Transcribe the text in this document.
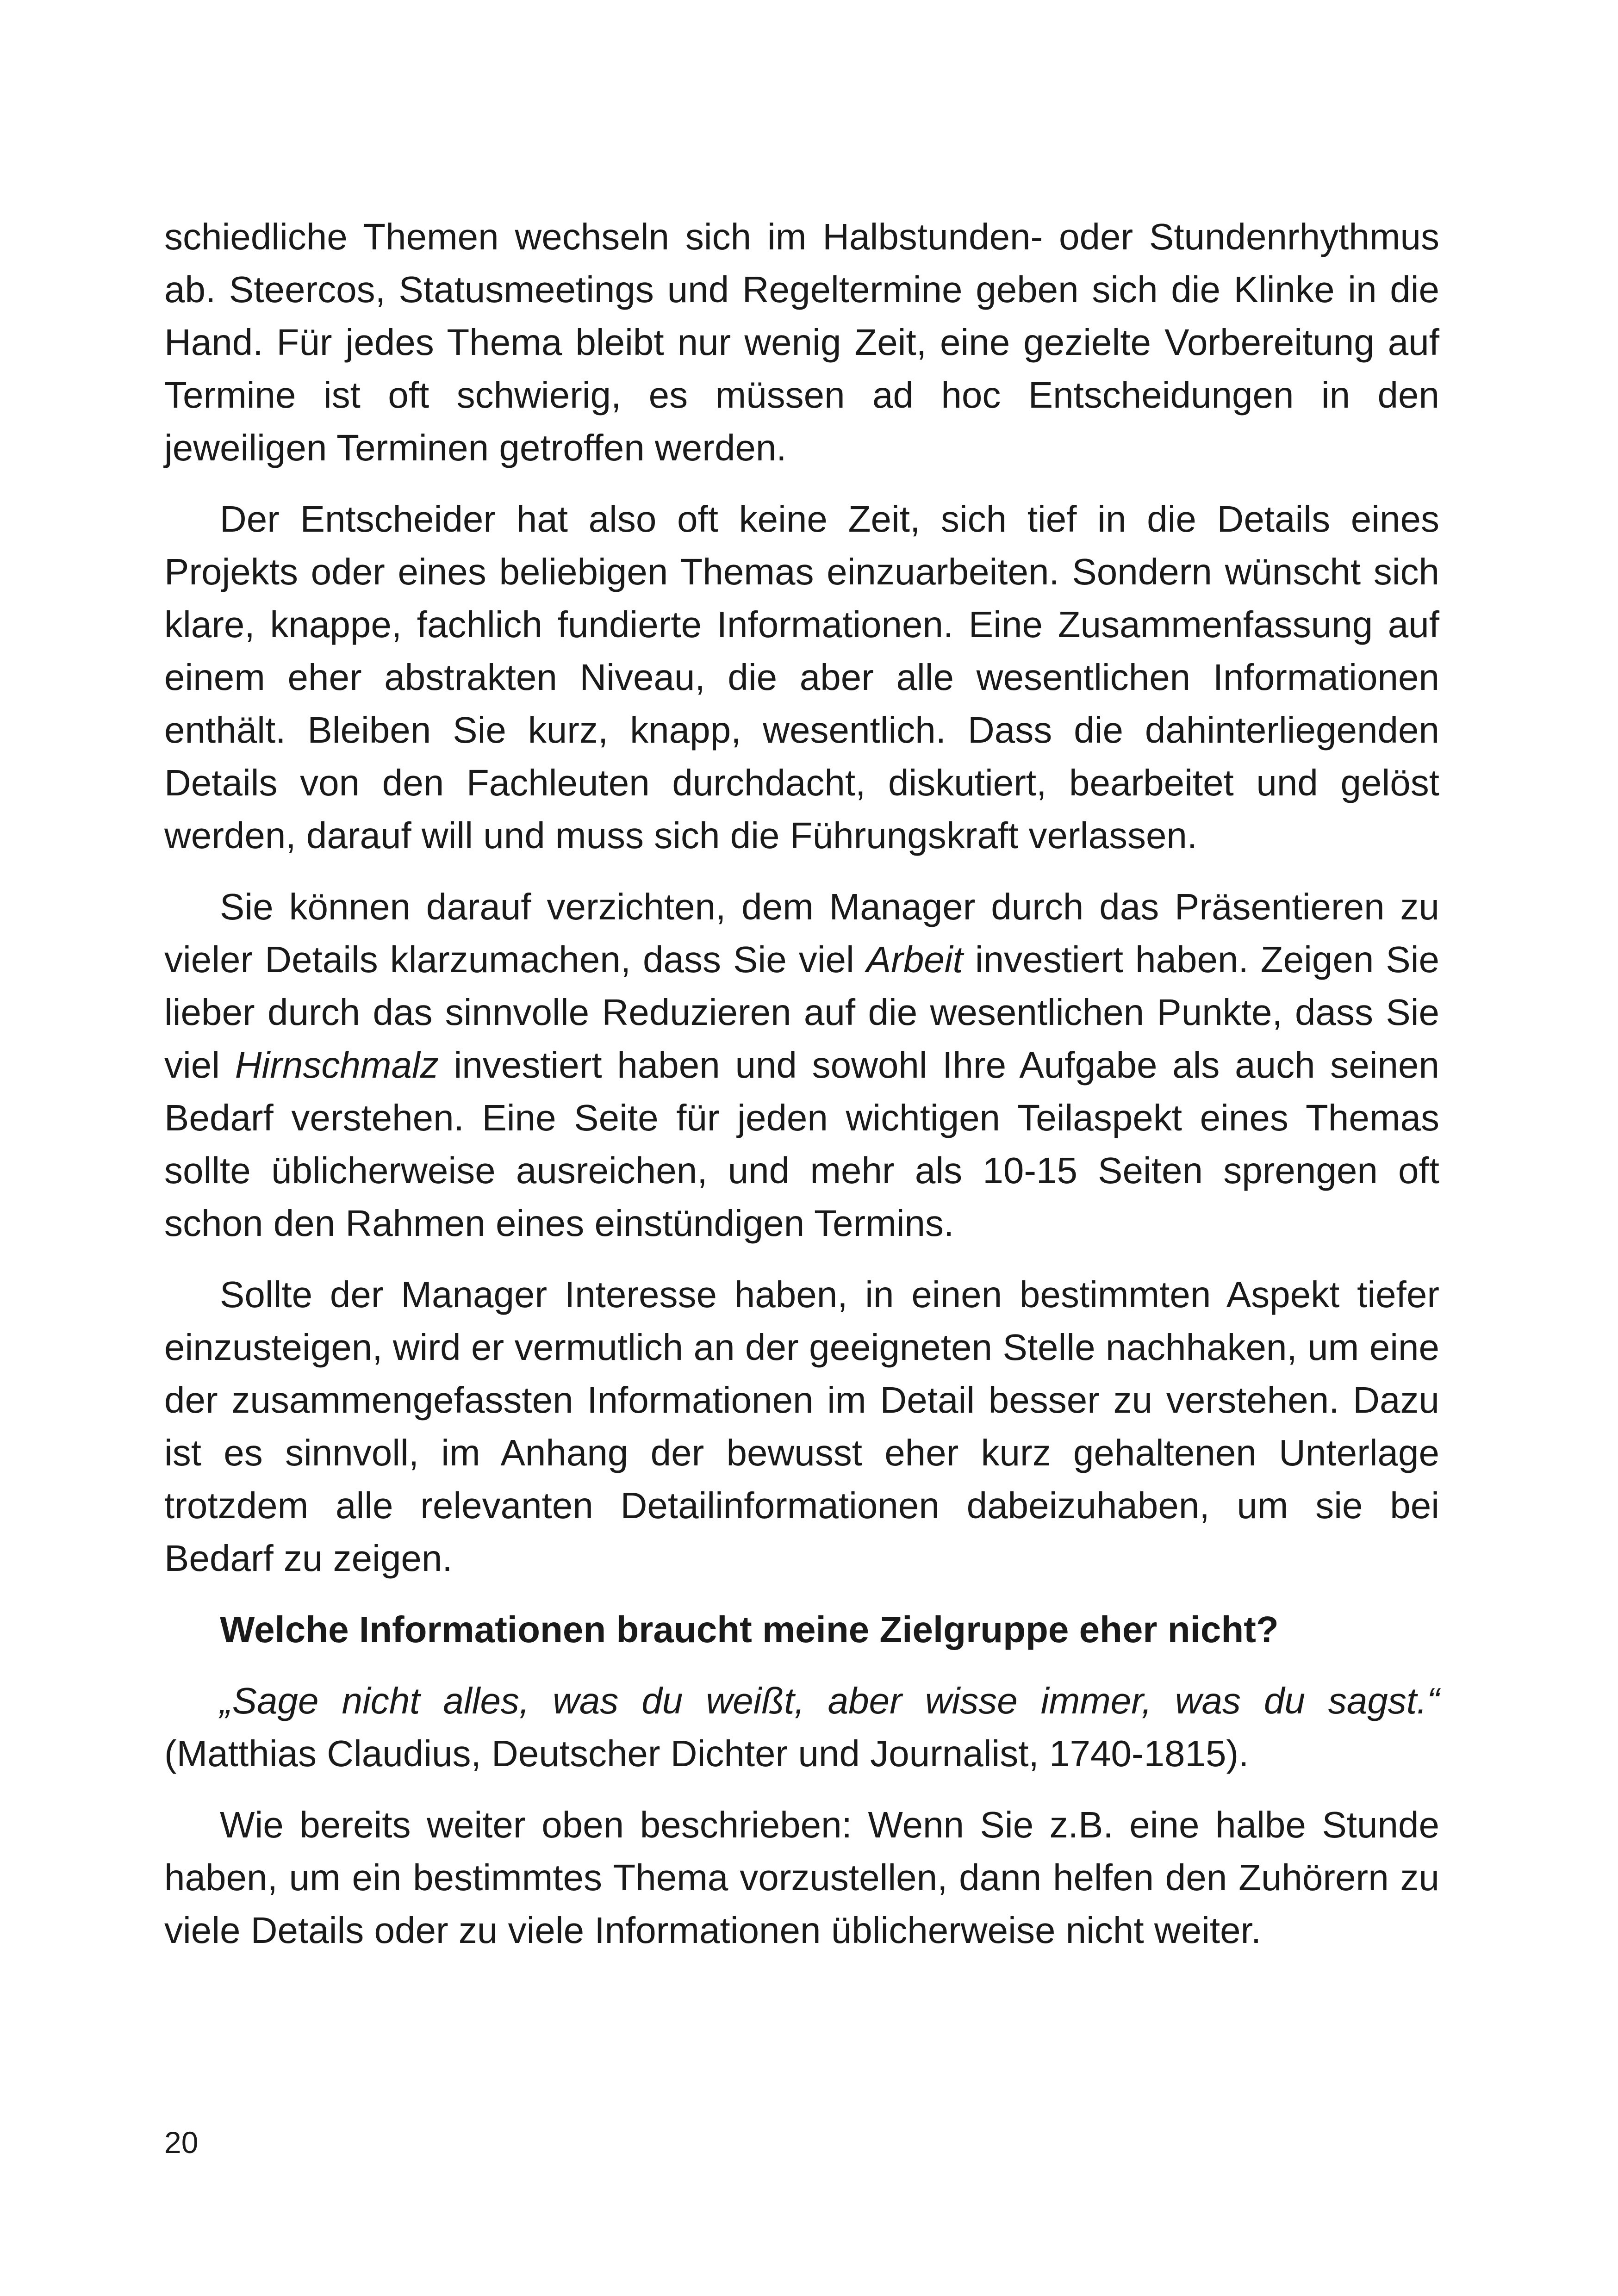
schiedliche Themen wechseln sich im Halbstunden- oder Stundenrhythmus ab. Steercos, Statusmeetings und Regeltermine geben sich die Klinke in die Hand. Für jedes Thema bleibt nur wenig Zeit, eine gezielte Vorbereitung auf Termine ist oft schwierig, es müssen ad hoc Entscheidungen in den jeweiligen Terminen getroffen werden.

Der Entscheider hat also oft keine Zeit, sich tief in die Details eines Projekts oder eines beliebigen Themas einzuarbeiten. Sondern wünscht sich klare, knappe, fachlich fundierte Informationen. Eine Zusammenfassung auf einem eher abstrakten Niveau, die aber alle wesentlichen Informationen enthält. Bleiben Sie kurz, knapp, wesentlich. Dass die dahinterliegenden Details von den Fachleuten durchdacht, diskutiert, bearbeitet und gelöst werden, darauf will und muss sich die Führungskraft verlassen.

Sie können darauf verzichten, dem Manager durch das Präsentieren zu vieler Details klarzumachen, dass Sie viel Arbeit investiert haben. Zeigen Sie lieber durch das sinnvolle Reduzieren auf die wesentlichen Punkte, dass Sie viel Hirnschmalz investiert haben und sowohl Ihre Aufgabe als auch seinen Bedarf verstehen. Eine Seite für jeden wichtigen Teilaspekt eines Themas sollte üblicherweise ausreichen, und mehr als 10-15 Seiten sprengen oft schon den Rahmen eines einstündigen Termins.

Sollte der Manager Interesse haben, in einen bestimmten Aspekt tiefer einzusteigen, wird er vermutlich an der geeigneten Stelle nachhaken, um eine der zusammengefassten Informationen im Detail besser zu verstehen. Dazu ist es sinnvoll, im Anhang der bewusst eher kurz gehaltenen Unterlage trotzdem alle relevanten Detailinformationen dabeizuhaben, um sie bei Bedarf zu zeigen.

Welche Informationen braucht meine Zielgruppe eher nicht?

„Sage nicht alles, was du weißt, aber wisse immer, was du sagst.“ (Matthias Claudius, Deutscher Dichter und Journalist, 1740-1815).

Wie bereits weiter oben beschrieben: Wenn Sie z.B. eine halbe Stunde haben, um ein bestimmtes Thema vorzustellen, dann helfen den Zuhörern zu viele Details oder zu viele Informationen üblicherweise nicht weiter.

20
